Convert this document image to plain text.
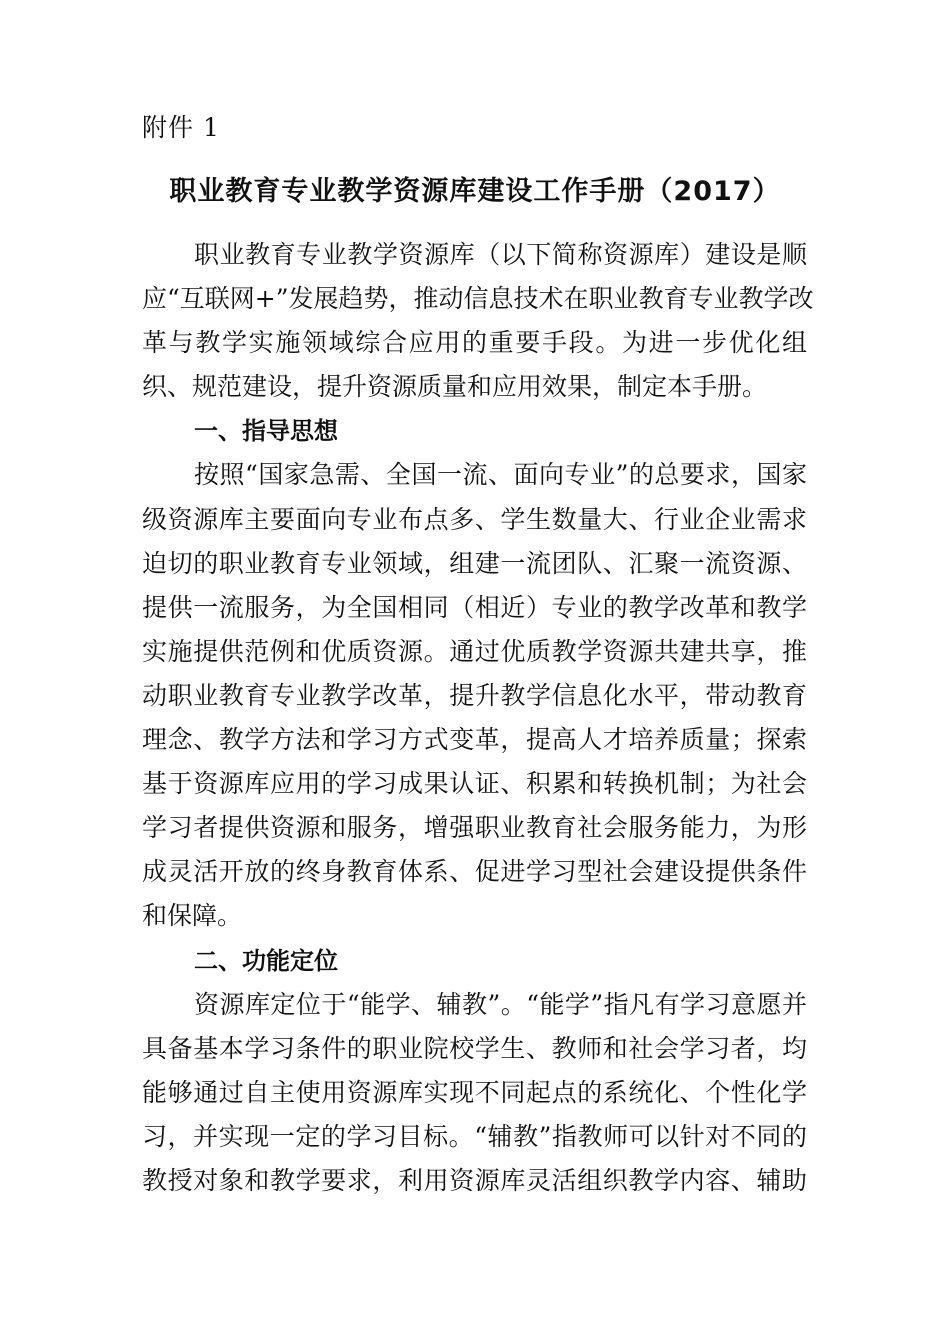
附件 1
职业教育专业教学资源库建设工作手册（2017）
职业教育专业教学资源库（以下简称资源库）建设是顺
应“互联网+”发展趋势，推动信息技术在职业教育专业教学改
革与教学实施领域综合应用的重要手段。为进一步优化组
织、规范建设，提升资源质量和应用效果，制定本手册。
一、指导思想
按照“国家急需、全国一流、面向专业”的总要求，国家
级资源库主要面向专业布点多、学生数量大、行业企业需求
迫切的职业教育专业领域，组建一流团队、汇聚一流资源、
提供一流服务，为全国相同（相近）专业的教学改革和教学
实施提供范例和优质资源。通过优质教学资源共建共享，推
动职业教育专业教学改革，提升教学信息化水平，带动教育
理念、教学方法和学习方式变革，提高人才培养质量；探索
基于资源库应用的学习成果认证、积累和转换机制；为社会
学习者提供资源和服务，增强职业教育社会服务能力，为形
成灵活开放的终身教育体系、促进学习型社会建设提供条件
和保障。
二、功能定位
资源库定位于“能学、辅教”。“能学”指凡有学习意愿并
具备基本学习条件的职业院校学生、教师和社会学习者，均
能够通过自主使用资源库实现不同起点的系统化、个性化学
习，并实现一定的学习目标。“辅教”指教师可以针对不同的
教授对象和教学要求，利用资源库灵活组织教学内容、辅助
